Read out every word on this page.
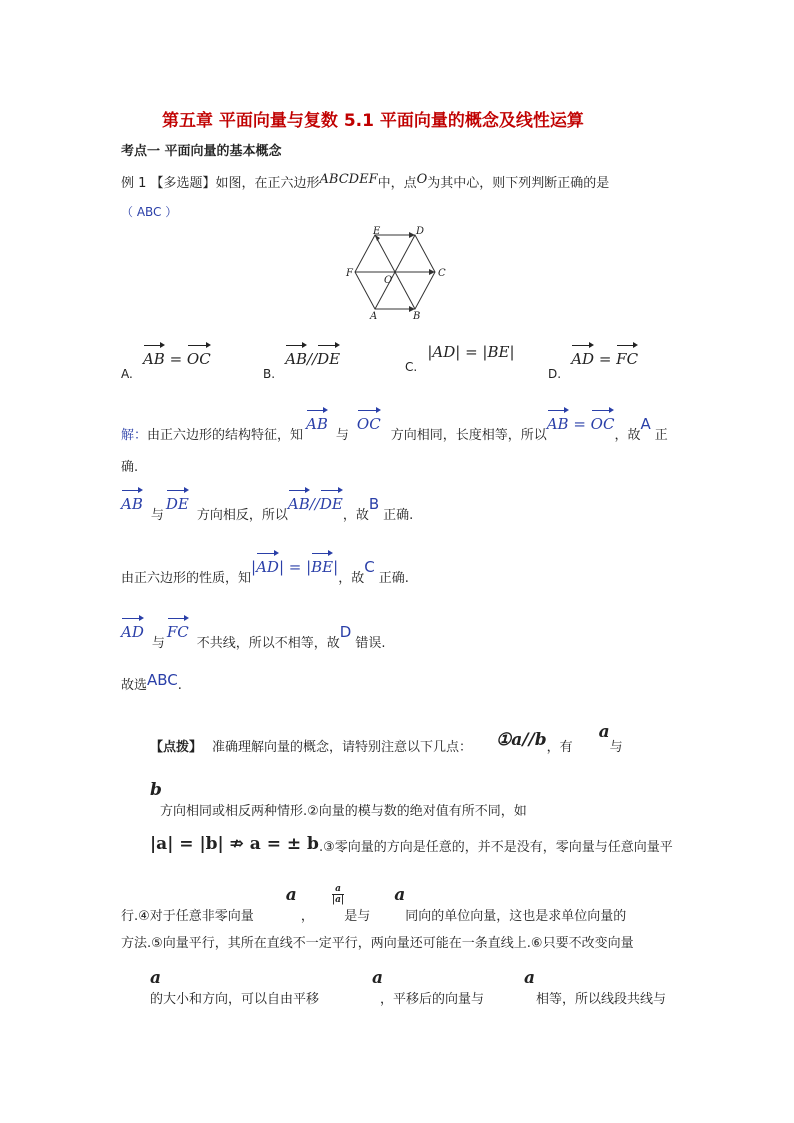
第五章 平面向量与复数 5.1 平面向量的概念及线性运算
考点一 平面向量的基本概念
例 1 【多选题】如图，在正六边形ABCDEF中，点O为其中心，则下列判断正确的是
（ ABC ）
A	B
C
D
E
F
O
A. AB = OC
B. AB//DE	C. |AD| = |BE|
D. AD = FC
解：由正六边形的结构特征，知AB与OC方向相同，长度相等，所以AB = OC，故A正
确.
AB与DE方向相反，所以AB//DE，故B正确.
由正六边形的性质，知|AD| = |BE|，故C正确.
AD与FC不共线，所以不相等，故D错误.
故选ABC.
【点拨】 准确理解向量的概念，请特别注意以下几点： ①a//b，有a与
b
方向相同或相反两种情形.②向量的模与数的绝对值有所不同，如
|a| = |b| ⇏ a = ± b.③零向量的方向是任意的，并不是没有，零向量与任意向量平
行.④对于任意非零向量a，
$\frac{a}{|a|}$
是与a同向的单位向量，这也是求单位向量的
方法.⑤向量平行，其所在直线不一定平行，两向量还可能在一条直线上.⑥只要不改变向量
a
的大小和方向，可以自由平移
a
，平移后的向量与
a
相等，所以线段共线与
